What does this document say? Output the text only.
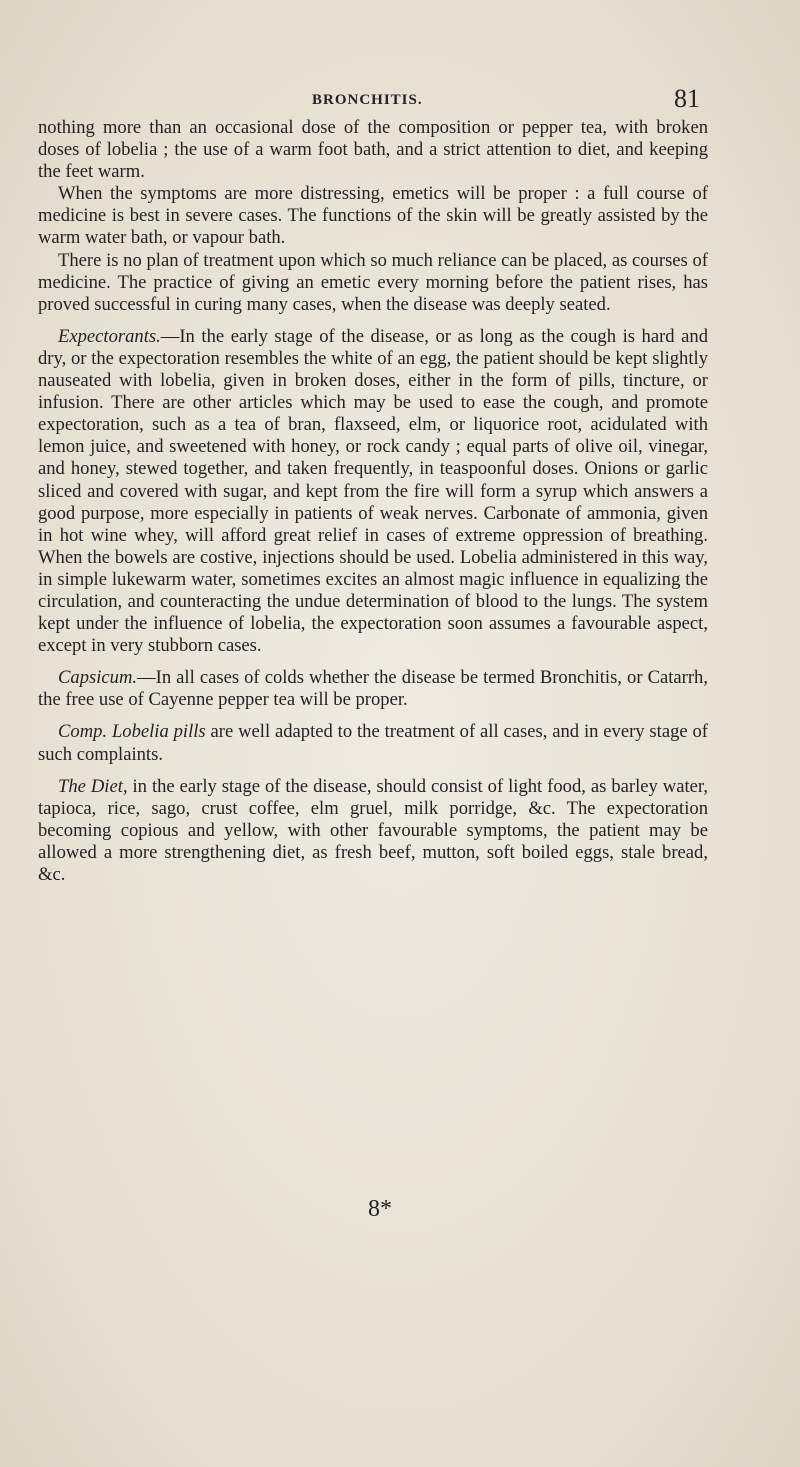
BRONCHITIS.	81

nothing more than an occasional dose of the composition or pepper tea, with broken doses of lobelia ; the use of a warm foot bath, and a strict attention to diet, and keeping the feet warm.

When the symptoms are more distressing, emetics will be proper : a full course of medicine is best in severe cases. The functions of the skin will be greatly assisted by the warm water bath, or vapour bath.

There is no plan of treatment upon which so much reliance can be placed, as courses of medicine. The practice of giving an emetic every morning before the patient rises, has proved successful in curing many cases, when the disease was deeply seated.

Expectorants.—In the early stage of the disease, or as long as the cough is hard and dry, or the expectoration resembles the white of an egg, the patient should be kept slightly nauseated with lobelia, given in broken doses, either in the form of pills, tincture, or infusion. There are other articles which may be used to ease the cough, and promote expectoration, such as a tea of bran, flaxseed, elm, or liquorice root, acidulated with lemon juice, and sweetened with honey, or rock candy ; equal parts of olive oil, vinegar, and honey, stewed together, and taken frequently, in teaspoonful doses. Onions or garlic sliced and covered with sugar, and kept from the fire will form a syrup which answers a good purpose, more especially in patients of weak nerves. Carbonate of ammonia, given in hot wine whey, will afford great relief in cases of extreme oppression of breathing. When the bowels are costive, injections should be used. Lobelia administered in this way, in simple lukewarm water, sometimes excites an almost magic influence in equalizing the circulation, and counteracting the undue determination of blood to the lungs. The system kept under the influence of lobelia, the expectoration soon assumes a favourable aspect, except in very stubborn cases.

Capsicum.—In all cases of colds whether the disease be termed Bronchitis, or Catarrh, the free use of Cayenne pepper tea will be proper.

Comp. Lobelia pills are well adapted to the treatment of all cases, and in every stage of such complaints.

The Diet, in the early stage of the disease, should consist of light food, as barley water, tapioca, rice, sago, crust coffee, elm gruel, milk porridge, &c. The expectoration becoming copious and yellow, with other favourable symptoms, the patient may be allowed a more strengthening diet, as fresh beef, mutton, soft boiled eggs, stale bread, &c.

8*
